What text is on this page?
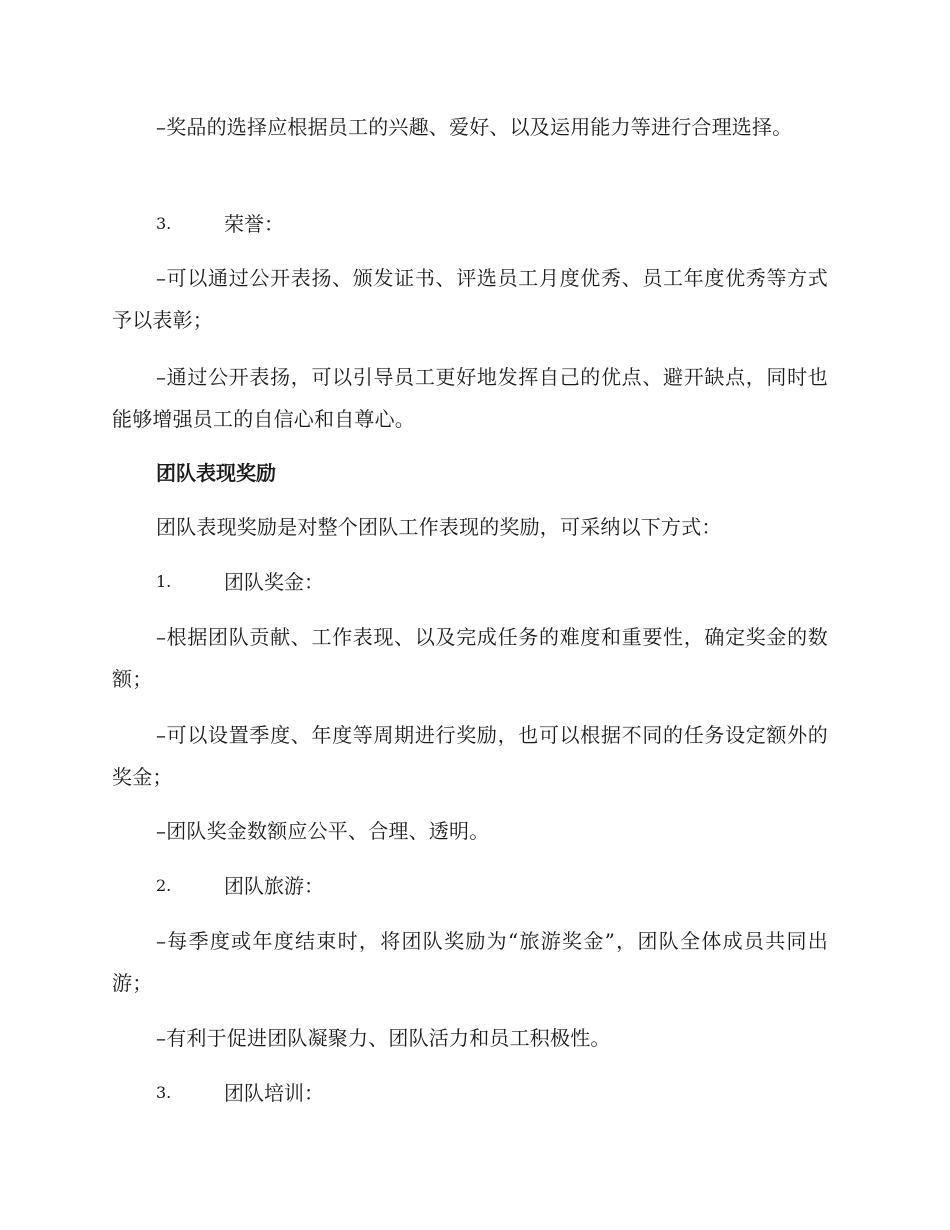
–奖品的选择应根据员工的兴趣、爱好、以及运用能力等进行合理选择。

3.	荣誉：

–可以通过公开表扬、颁发证书、评选员工月度优秀、员工年度优秀等方式予以表彰；

–通过公开表扬，可以引导员工更好地发挥自己的优点、避开缺点，同时也能够增强员工的自信心和自尊心。

团队表现奖励

团队表现奖励是对整个团队工作表现的奖励，可采纳以下方式：

1.	团队奖金：

–根据团队贡献、工作表现、以及完成任务的难度和重要性，确定奖金的数额；

–可以设置季度、年度等周期进行奖励，也可以根据不同的任务设定额外的奖金；

–团队奖金数额应公平、合理、透明。

2.	团队旅游：

–每季度或年度结束时，将团队奖励为“旅游奖金”，团队全体成员共同出游；

–有利于促进团队凝聚力、团队活力和员工积极性。

3.	团队培训：
